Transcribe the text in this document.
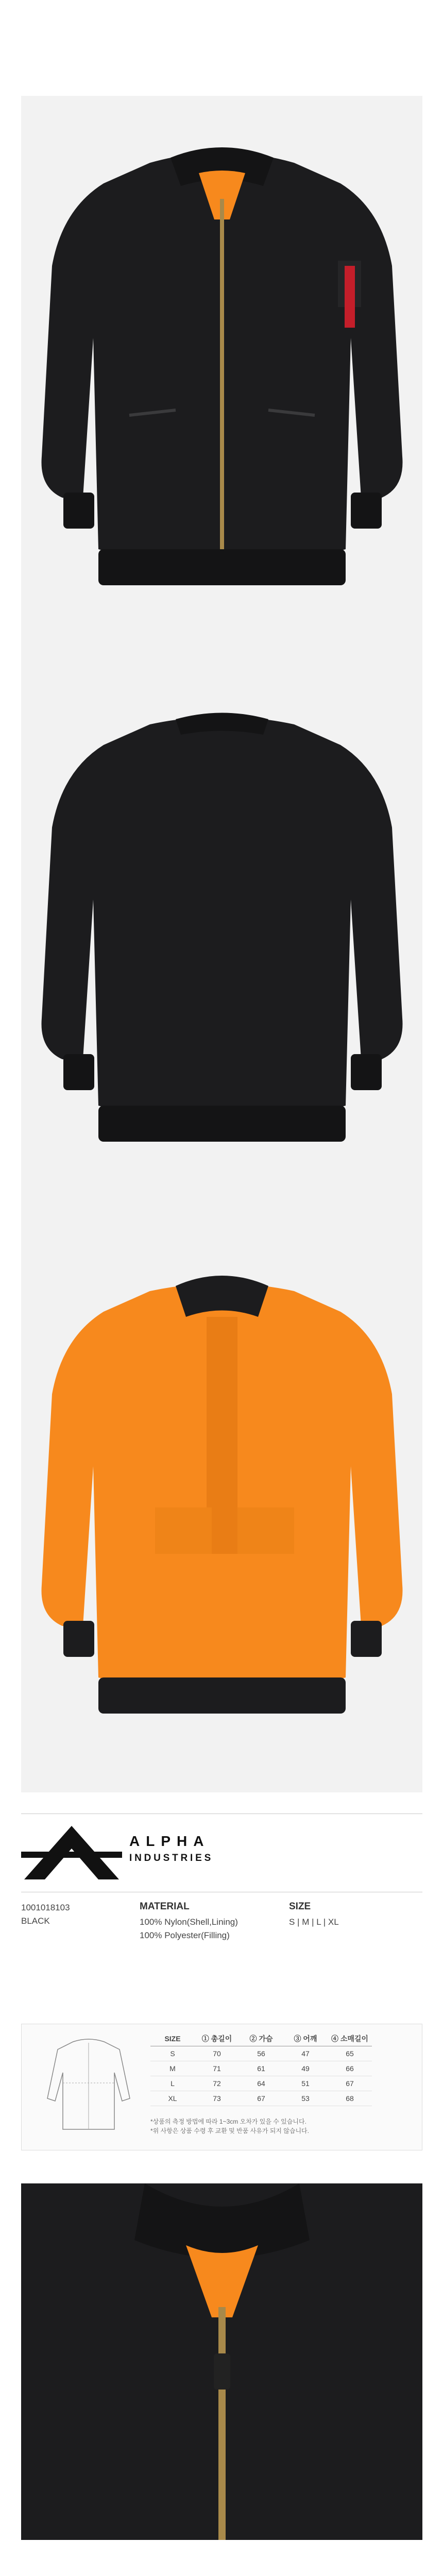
ALPHA
INDUSTRIES
1001018103
BLACK
MATERIAL
100% Nylon(Shell,Lining)
100% Polyester(Filling)
SIZE
S | M | L | XL
SIZE	① 총길이	② 가슴	③ 어깨	④ 소매길이
S	70	56	47	65
M	71	61	49	66
L	72	64	51	67
XL	73	67	53	68
*상품의 측정 방법에 따라 1~3cm 오차가 있을 수 있습니다.
*위 사항은 상품 수령 후 교환 및 반품 사유가 되지 않습니다.
